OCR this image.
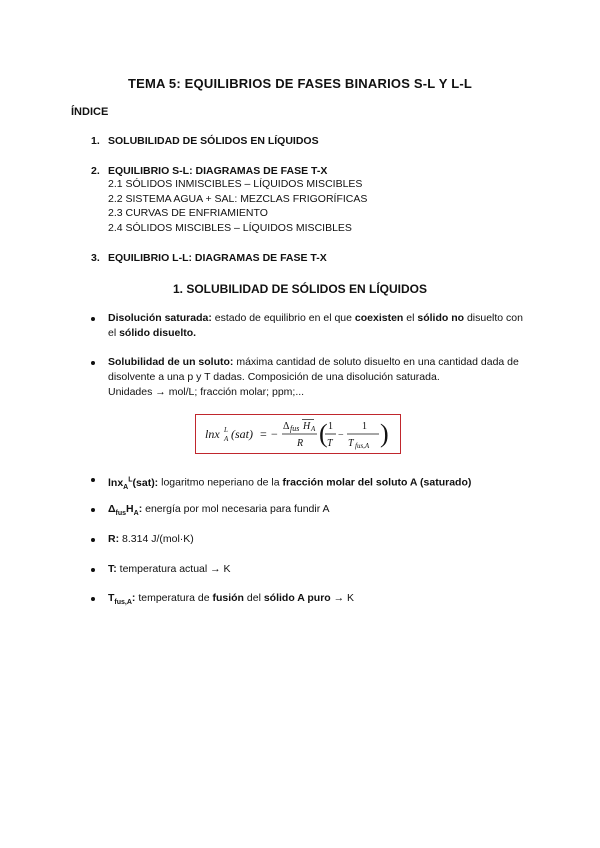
TEMA 5: EQUILIBRIOS DE FASES BINARIOS S-L Y L-L
ÍNDICE
1. SOLUBILIDAD DE SÓLIDOS EN LÍQUIDOS
2. EQUILIBRIO S-L: DIAGRAMAS DE FASE T-X
2.1 SÓLIDOS INMISCIBLES – LÍQUIDOS MISCIBLES
2.2 SISTEMA AGUA + SAL: MEZCLAS FRIGORÍFICAS
2.3 CURVAS DE ENFRIAMIENTO
2.4 SÓLIDOS MISCIBLES – LÍQUIDOS MISCIBLES
3. EQUILIBRIO L-L: DIAGRAMAS DE FASE T-X
1. SOLUBILIDAD DE SÓLIDOS EN LÍQUIDOS
Disolución saturada: estado de equilibrio en el que coexisten el sólido no disuelto con el sólido disuelto.
Solubilidad de un soluto: máxima cantidad de soluto disuelto en una cantidad dada de disolvente a una p y T dadas. Composición de una disolución saturada.
Unidades → mol/L; fracción molar; ppm;...
lnx L
A (sat) = −
Δ fus H A
R ( 1
T
−
1
T fus,A )
lnx$_A^L$(sat): logaritmo neperiano de la fracción molar del soluto A (saturado)
$\Delta_{fus}H_A$: energía por mol necesaria para fundir A
R: 8.314 J/(mol·K)
T: temperatura actual → K
$T_{fus,A}$: temperatura de fusión del sólido A puro → K
